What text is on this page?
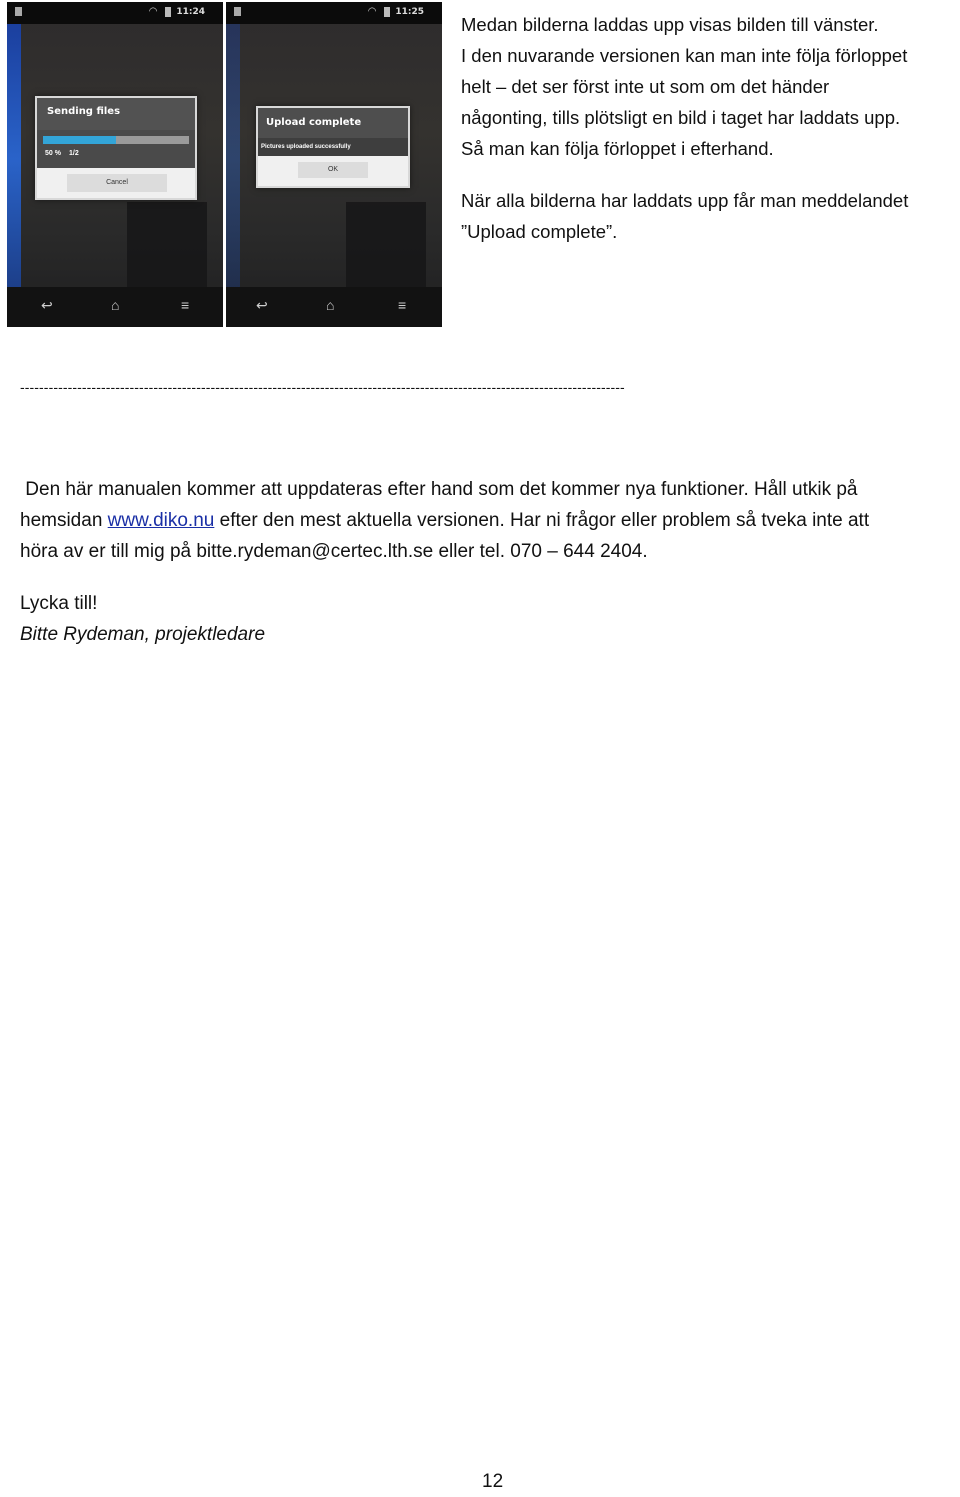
◠ 11:24
Sending files
50 % 1/2
Cancel
↩	⌂	≡
◠ 11:25
Upload complete
Pictures uploaded successfully
OK
↩	⌂	≡
Medan bilderna laddas upp visas bilden till vänster.
I den nuvarande versionen kan man inte följa förloppet
helt – det ser först inte ut som om det händer
någonting, tills plötsligt en bild i taget har laddats upp.
Så man kan följa förloppet i efterhand.
När alla bilderna har laddats upp får man meddelandet
”Upload complete”.
-------------------------------------------------------------------------------------------------------------------------------
Den här manualen kommer att uppdateras efter hand som det kommer nya funktioner. Håll utkik på
hemsidan www.diko.nu efter den mest aktuella versionen. Har ni frågor eller problem så tveka inte att
höra av er till mig på bitte.rydeman@certec.lth.se eller tel. 070 – 644 2404.
Lycka till!
Bitte Rydeman, projektledare
12
